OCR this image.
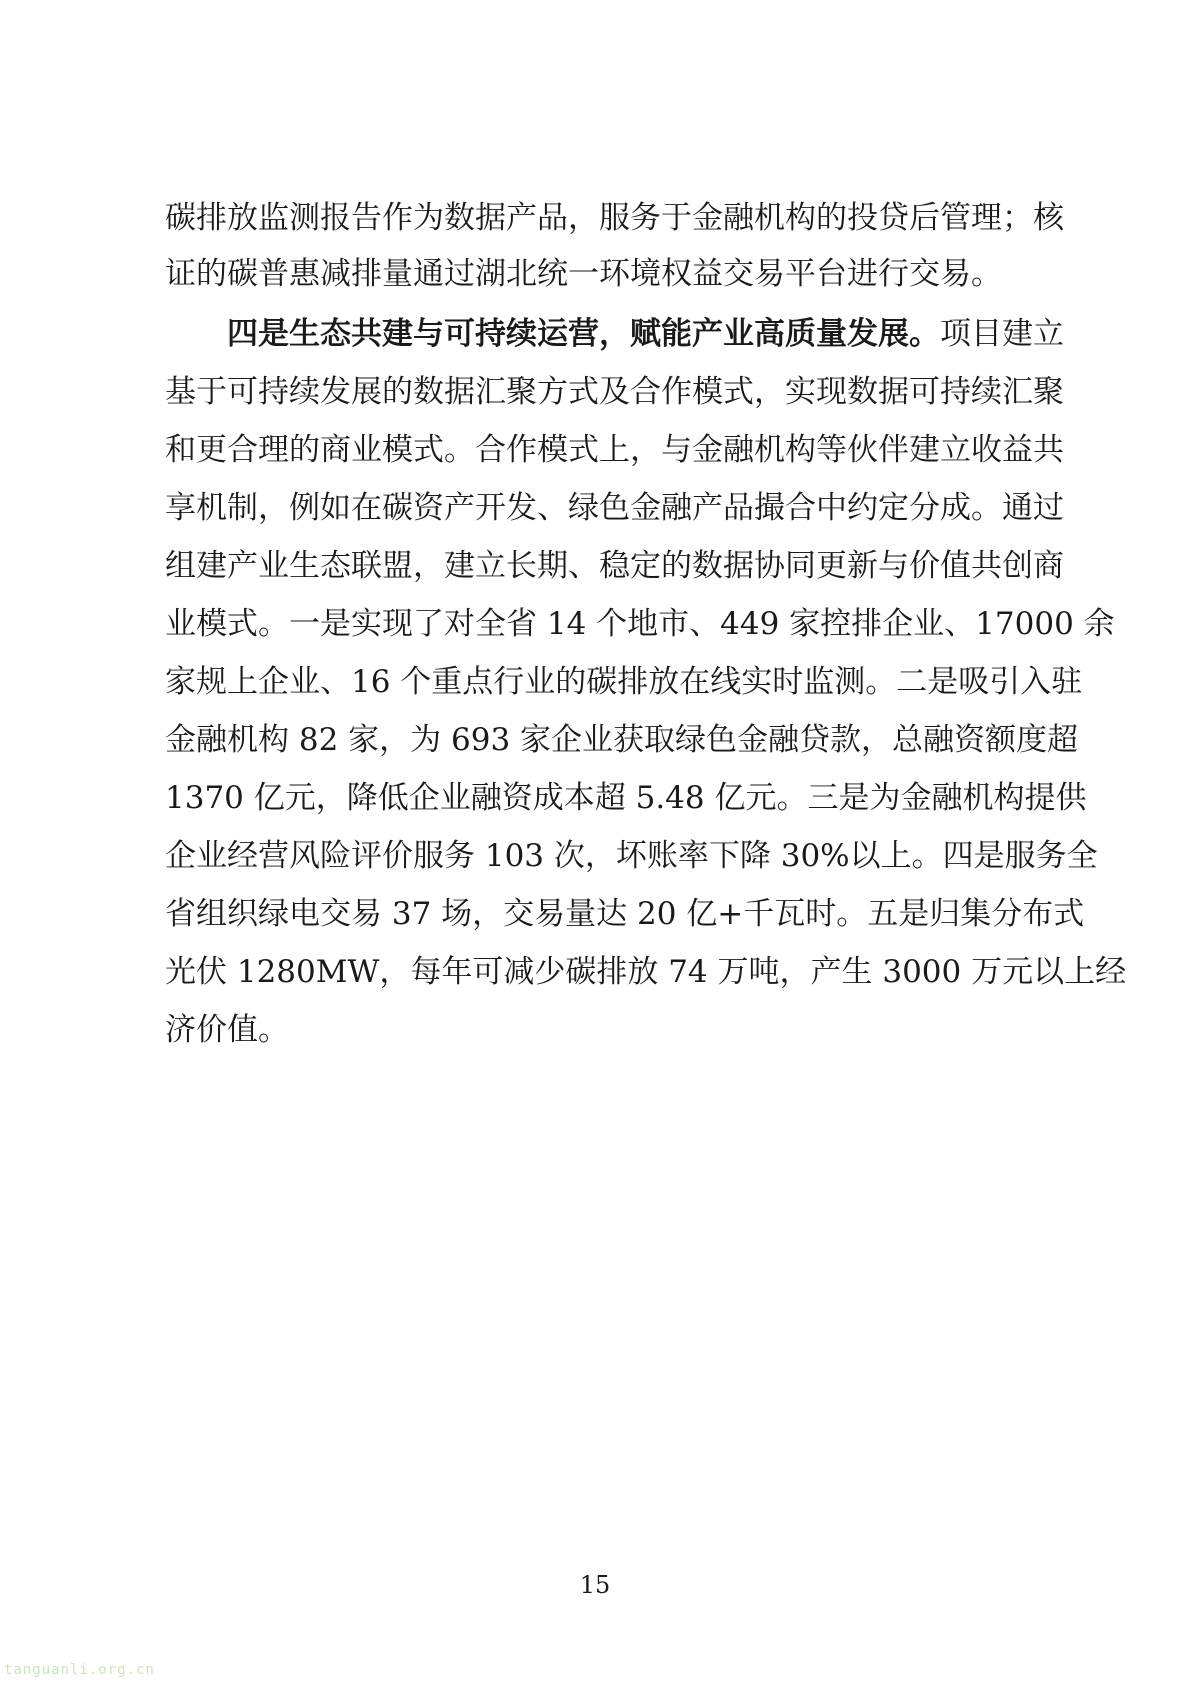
碳排放监测报告作为数据产品，服务于金融机构的投贷后管理；核
证的碳普惠减排量通过湖北统一环境权益交易平台进行交易。
四是生态共建与可持续运营，赋能产业高质量发展。项目建立
基于可持续发展的数据汇聚方式及合作模式，实现数据可持续汇聚
和更合理的商业模式。合作模式上，与金融机构等伙伴建立收益共
享机制，例如在碳资产开发、绿色金融产品撮合中约定分成。通过
组建产业生态联盟，建立长期、稳定的数据协同更新与价值共创商
业模式。一是实现了对全省 14 个地市、449 家控排企业、17000 余
家规上企业、16 个重点行业的碳排放在线实时监测。二是吸引入驻
金融机构 82 家，为 693 家企业获取绿色金融贷款，总融资额度超
1370 亿元，降低企业融资成本超 5.48 亿元。三是为金融机构提供
企业经营风险评价服务 103 次，坏账率下降 30%以上。四是服务全
省组织绿电交易 37 场，交易量达 20 亿+千瓦时。五是归集分布式
光伏 1280MW，每年可减少碳排放 74 万吨，产生 3000 万元以上经
济价值。
15
tanguanli.org.cn
